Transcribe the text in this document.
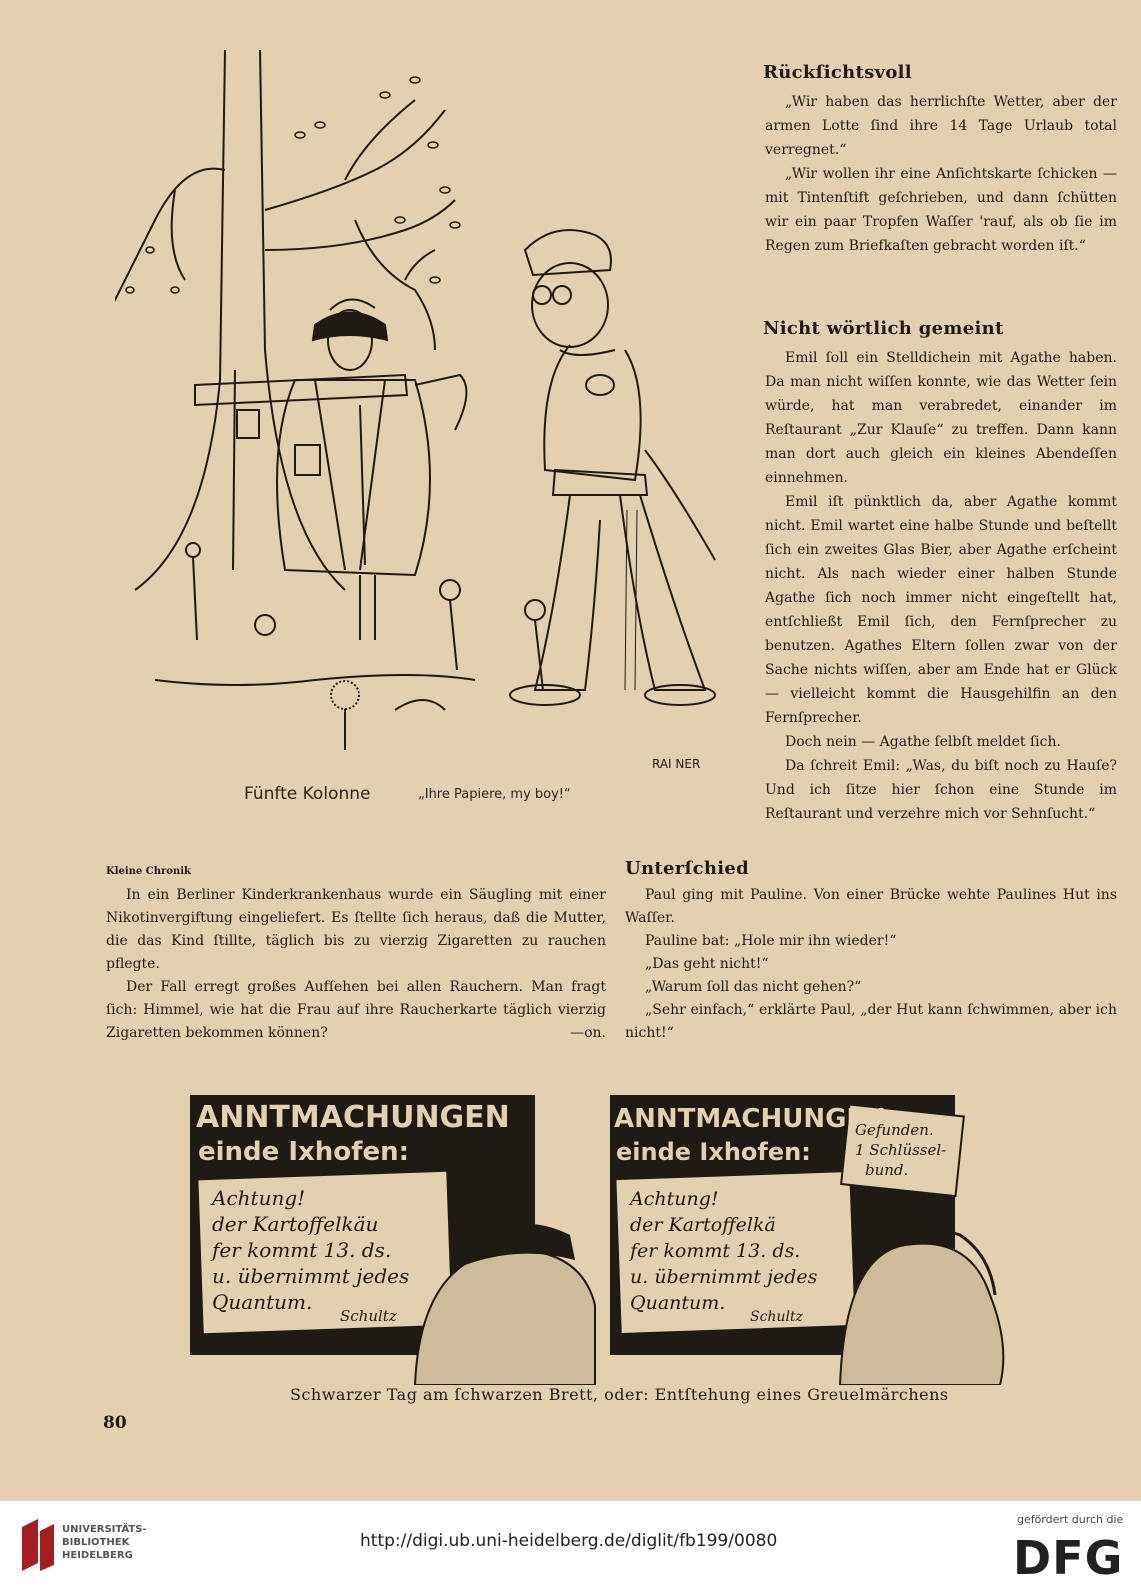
Fünfte Kolonne	„Ihre Papiere, my boy!“
RAI NER
Rückſichtsvoll

„Wir haben das herrlichſte Wetter, aber der armen Lotte ſind ihre 14 Tage Urlaub total verregnet.“

„Wir wollen ihr eine Anſichtskarte ſchicken — mit Tintenſtift geſchrieben, und dann ſchütten wir ein paar Tropfen Waſſer 'rauf, als ob ſie im Regen zum Briefkaſten gebracht worden iſt.“

Nicht wörtlich gemeint

Emil ſoll ein Stelldichein mit Agathe haben. Da man nicht wiſſen konnte, wie das Wetter ſein würde, hat man verabredet, einander im Reſtaurant „Zur Klauſe“ zu treffen. Dann kann man dort auch gleich ein kleines Abendeſſen einnehmen.

Emil iſt pünktlich da, aber Agathe kommt nicht. Emil wartet eine halbe Stunde und beſtellt ſich ein zweites Glas Bier, aber Agathe erſcheint nicht. Als nach wieder einer halben Stunde Agathe ſich noch immer nicht eingeſtellt hat, entſchließt Emil ſich, den Fernſprecher zu benutzen. Agathes Eltern ſollen zwar von der Sache nichts wiſſen, aber am Ende hat er Glück — vielleicht kommt die Hausgehilfin an den Fernſprecher.

Doch nein — Agathe ſelbſt meldet ſich.

Da ſchreit Emil: „Was, du biſt noch zu Hauſe? Und ich ſitze hier ſchon eine Stunde im Reſtaurant und verzehre mich vor Sehnſucht.“

Kleine Chronik

In ein Berliner Kinderkrankenhaus wurde ein Säugling mit einer Nikotinvergiftung eingeliefert. Es ſtellte ſich heraus, daß die Mutter, die das Kind ſtillte, täglich bis zu vierzig Zigaretten zu rauchen pflegte.

Der Fall erregt großes Aufſehen bei allen Rauchern. Man fragt ſich: Himmel, wie hat die Frau auf ihre Raucherkarte täglich vierzig Zigaretten bekommen können?	—on.
Unterſchied

Paul ging mit Pauline. Von einer Brücke wehte Paulines Hut ins Waſſer.

Pauline bat: „Hole mir ihn wieder!“

„Das geht nicht!“

„Warum ſoll das nicht gehen?“

„Sehr einfach,“ erklärte Paul, „der Hut kann ſchwimmen, aber ich nicht!“

ANNTMACHUNGEN
einde Ixhofen:
Achtung!
der Kartoffelkäu
fer kommt 13. ds.
u. übernimmt jedes
Quantum.
Schultz
ANNTMACHUNGEN
einde Ixhofen:
Achtung!
der Kartoffelkä
fer kommt 13. ds.
u. übernimmt jedes
Quantum.
Schultz
Gefunden.
1 Schlüssel-
bund.
Schwarzer Tag am ſchwarzen Brett, oder: Entſtehung eines Greuelmärchens
80
UNIVERSITÄTS-
BIBLIOTHEK
HEIDELBERG
http://digi.ub.uni-heidelberg.de/diglit/fb199/0080
gefördert durch die
DFG
